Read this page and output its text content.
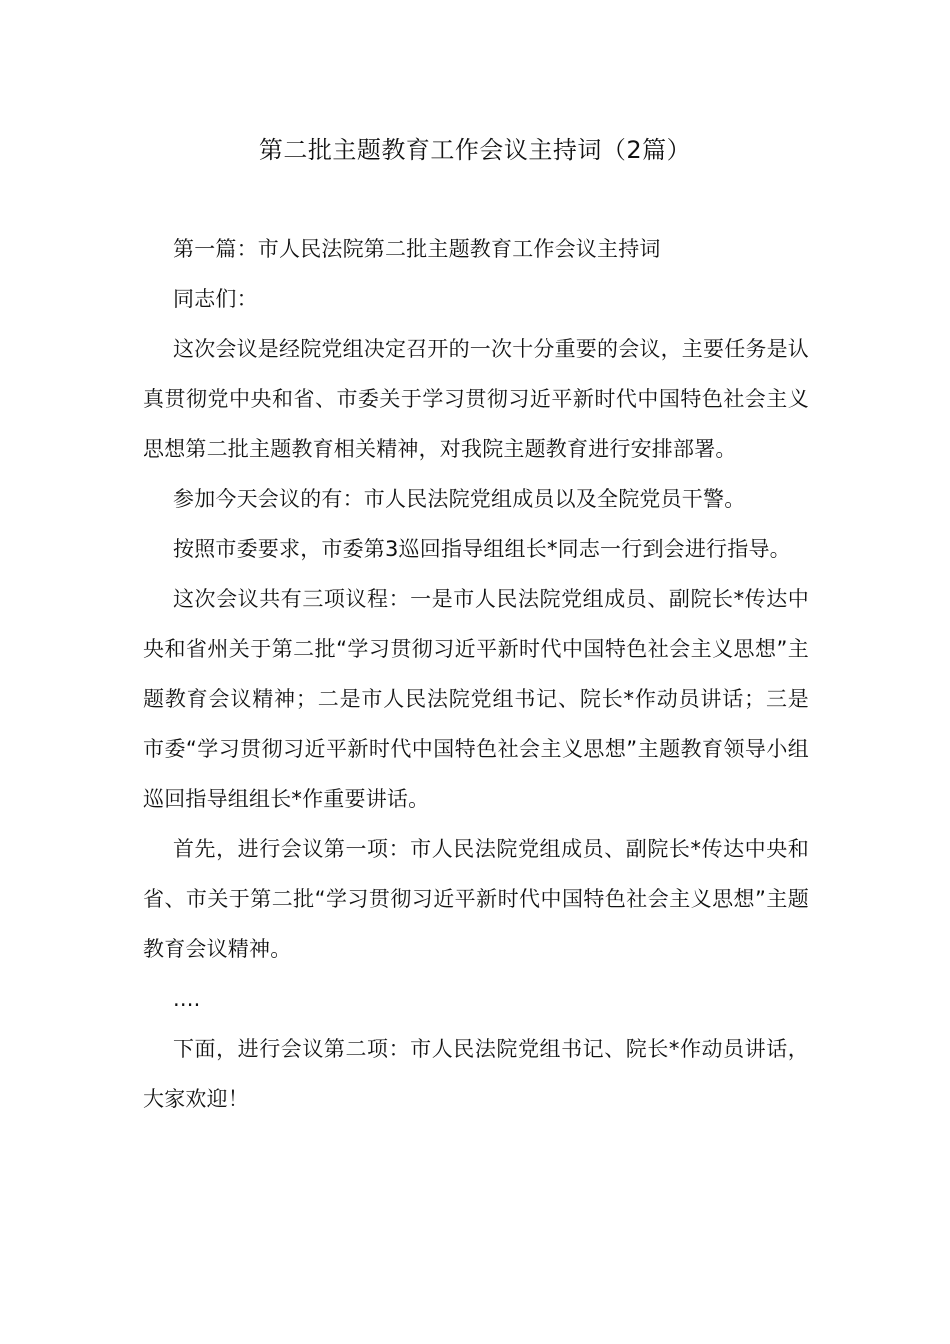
第二批主题教育工作会议主持词（2篇）

第一篇：市人民法院第二批主题教育工作会议主持词

同志们：

这次会议是经院党组决定召开的一次十分重要的会议，主要任务是认真贯彻党中央和省、市委关于学习贯彻习近平新时代中国特色社会主义思想第二批主题教育相关精神，对我院主题教育进行安排部署。

参加今天会议的有：市人民法院党组成员以及全院党员干警。

按照市委要求，市委第3巡回指导组组长*同志一行到会进行指导。

这次会议共有三项议程：一是市人民法院党组成员、副院长*传达中央和省州关于第二批“学习贯彻习近平新时代中国特色社会主义思想”主题教育会议精神；二是市人民法院党组书记、院长*作动员讲话；三是市委“学习贯彻习近平新时代中国特色社会主义思想”主题教育领导小组巡回指导组组长*作重要讲话。

首先，进行会议第一项：市人民法院党组成员、副院长*传达中央和省、市关于第二批“学习贯彻习近平新时代中国特色社会主义思想”主题教育会议精神。

....

下面，进行会议第二项：市人民法院党组书记、院长*作动员讲话，大家欢迎！
